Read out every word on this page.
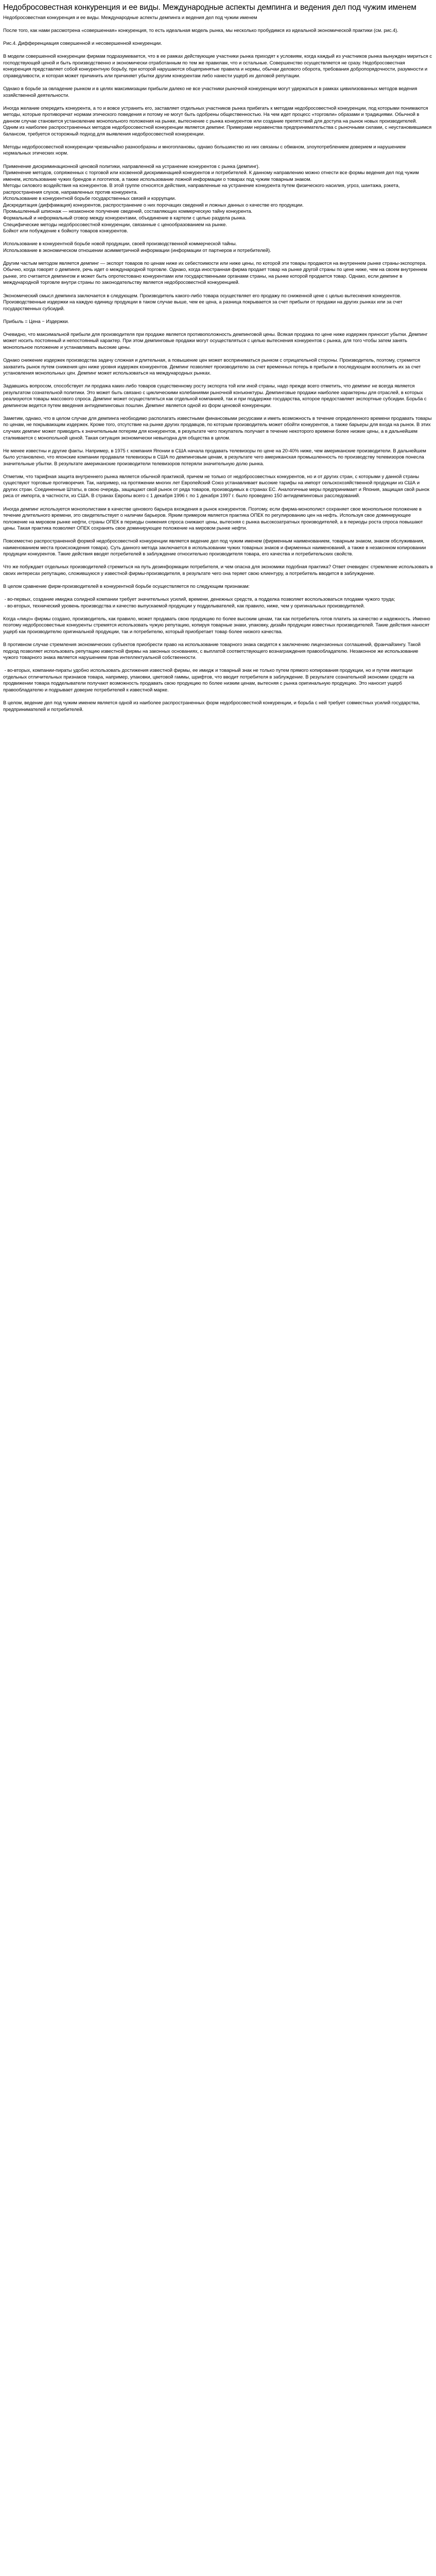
Недобросовестная конкуренция и ее виды. Международные аспекты демпинга и ведения дел под чужим именем
Недобросовестная конкуренция и ее виды. Международные аспекты демпинга и ведения дел под чужим именем

После того, как нами рассмотрена «совершенная» конкуренция, то есть идеальная модель рынка, мы несколько пробудимся из идеальной экономической практики (см. рис.4).

Рис.4. Дифференциация совершенной и несовершенной конкуренции.

В модели совершенной конкуренции фирмам подразумевается, что в ее рамках действующие участники рынка приходят к условиям, когда каждый из участников рынка вынужден мириться с господствующей ценой и быть производственно и экономически отработанным по тем же правилам, что и остальные. Совершенство осуществляется не сразу. Недобросовестная конкуренция представляет собой конкурентную борьбу, при которой нарушаются общепринятые правила и нормы, обычаи делового оборота, требования добропорядочности, разумности и справедливости, и которая может причинить или причиняет убытки другим конкурентам либо нанести ущерб их деловой репутации.

Однако в борьбе за овладение рынком и в целях максимизации прибыли далеко не все участники рыночной конкуренции могут удержаться в рамках цивилизованных методов ведения хозяйственной деятельности.

Иногда желание опередить конкурента, а то и вовсе устранить его, заставляет отдельных участников рынка прибегать к методам недобросовестной конкуренции, под которыми понимаются методы, которые противоречат нормам этического поведения и потому не могут быть одобрены общественностью. На чем идет процесс «торговли» образами и традициями. Обычной в данном случае становится установление монопольного положения на рынке, вытеснение с рынка конкурентов или создание препятствий для доступа на рынок новых производителей. Одним из наиболее распространенных методов недобросовестной конкуренции является демпинг. Примерами неравенства предпринимательства с рыночными силами, с неустановившимся балансом, требуется осторожный подход для выявления недобросовестной конкуренции.

Методы недобросовестной конкуренции чрезвычайно разнообразны и многоплановы, однако большинство из них связаны с обманом, злоупотреблением доверием и нарушением нормальных этических норм.

Применение дискриминационной ценовой политики, направленной на устранение конкурентов с рынка (демпинг).
Применение методов, сопряженных с торговой или косвенной дискриминацией конкурентов и потребителей. К данному направлению можно отнести все формы ведения дел под чужим именем, использование чужих брендов и логотипов, а также использование ложной информации о товарах под чужим товарным знаком.
Методы силового воздействия на конкурентов. В этой группе относятся действия, направленные на устранение конкурента путем физического насилия, угроз, шантажа, рэкета, распространения слухов, направленных против конкурента.
Использование в конкурентной борьбе государственных связей и коррупции.
Дискредитация (диффамация) конкурентов, распространение о них порочащих сведений и ложных данных о качестве его продукции.
Промышленный шпионаж — незаконное получение сведений, составляющих коммерческую тайну конкурента.
Формальный и неформальный сговор между конкурентами, объединение в картели с целью раздела рынка.
Специфические методы недобросовестной конкуренции, связанные с ценообразованием на рынке.
Бойкот или побуждение к бойкоту товаров конкурентов.

Использование в конкурентной борьбе новой продукции, своей производственной коммерческой тайны.
Использование в экономическом отношении асимметричной информации (информации от партнеров и потребителей).

Другим частым методом является демпинг — экспорт товаров по ценам ниже их себестоимости или ниже цены, по которой эти товары продаются на внутреннем рынке страны-экспортера. Обычно, когда говорят о демпинге, речь идет о международной торговле. Однако, когда иностранная фирма продает товар на рынке другой страны по цене ниже, чем на своем внутреннем рынке, это считается демпингом и может быть опротестовано конкурентами или государственными органами страны, на рынке которой продается товар. Однако, если демпинг в международной торговле внутри страны по законодательству является недобросовестной конкуренцией.

Экономический смысл демпинга заключается в следующем. Производитель какого-либо товара осуществляет его продажу по сниженной цене с целью вытеснения конкурентов. Производственные издержки на каждую единицу продукции в таком случае выше, чем ее цена, а разница покрывается за счет прибыли от продажи на других рынках или за счет государственных субсидий.

Прибыль = Цена − Издержки.

Очевидно, что максимальной прибыли для производителя при продаже является противоположность демпинговой цены. Всякая продажа по цене ниже издержек приносит убытки. Демпинг может носить постоянный и непостоянный характер. При этом демпинговые продажи могут осуществляться с целью вытеснения конкурентов с рынка, для того чтобы затем занять монопольное положение и устанавливать высокие цены.

Однако снижение издержек производства задачу сложная и длительная, а повышение цен может восприниматься рынком с отрицательной стороны. Производитель, поэтому, стремится захватить рынок путем снижения цен ниже уровня издержек конкурентов. Демпинг позволяет производителю за счет временных потерь в прибыли в последующем восполнить их за счет установления монопольных цен. Демпинг может использоваться на международных рынках.

Задавшись вопросом, способствует ли продажа каких-либо товаров существенному росту экспорта той или иной страны, надо прежде всего отметить, что демпинг не всегда является результатом сознательной политики. Это может быть связано с циклическими колебаниями рыночной конъюнктуры. Демпинговые продажи наиболее характерны для отраслей, в которых реализуются товары массового спроса. Демпинг может осуществляться как отдельной компанией, так и при поддержке государства, которое предоставляет экспортные субсидии. Борьба с демпингом ведется путем введения антидемпинговых пошлин. Демпинг является одной из форм ценовой конкуренции.

Заметим, однако, что в целом случае для демпинга необходимо располагать известными финансовыми ресурсами и иметь возможность в течение определенного времени продавать товары по ценам, не покрывающим издержек. Кроме того, отсутствие на рынке других продавцов, по которым производитель может обойти конкурентов, а также барьеры для входа на рынок. В этих случаях демпинг может приводить к значительным потерям для конкурентов, в результате чего покупатель получает в течение некоторого времени более низкие цены, а в дальнейшем сталкивается с монопольной ценой. Такая ситуация экономически невыгодна для общества в целом.

Не менее известны и другие факты. Например, в 1975 г. компания Японии в США начала продавать телевизоры по цене на 20-40% ниже, чем американские производители. В дальнейшем было установлено, что японские компании продавали телевизоры в США по демпинговым ценам, в результате чего американская промышленность по производству телевизоров понесла значительные убытки. В результате американские производители телевизоров потеряли значительную долю рынка.

Отметим, что тарифная защита внутреннего рынка является обычной практикой, причем не только от недобросовестных конкурентов, но и от других стран, с которыми у данной страны существуют торговые противоречия. Так, например, на протяжении многих лет Европейский Союз устанавливает высокие тарифы на импорт сельскохозяйственной продукции из США и других стран. Соединенные Штаты, в свою очередь, защищают свой рынок от ряда товаров, производимых в странах ЕС. Аналогичные меры предпринимает и Япония, защищая свой рынок риса от импорта, в частности, из США. В странах Европы всего с 1 декабря 1996 г. по 1 декабря 1997 г. было проведено 150 антидемпинговых расследований.

Иногда демпинг используется монополистами в качестве ценового барьера вхождения в рынок конкурентов. Поэтому, если фирма-монополист сохраняет свое монопольное положение в течение длительного времени, это свидетельствует о наличии барьеров. Ярким примером является практика ОПЕК по регулированию цен на нефть. Используя свое доминирующее положение на мировом рынке нефти, страны ОПЕК в периоды снижения спроса снижают цены, вытесняя с рынка высокозатратных производителей, а в периоды роста спроса повышают цены. Такая практика позволяет ОПЕК сохранять свое доминирующее положение на мировом рынке нефти.

Повсеместно распространенной формой недобросовестной конкуренции является ведение дел под чужим именем (фирменным наименованием, товарным знаком, знаком обслуживания, наименованием места происхождения товара). Суть данного метода заключается в использовании чужих товарных знаков и фирменных наименований, а также в незаконном копировании продукции конкурентов. Такие действия вводят потребителей в заблуждение относительно производителя товара, его качества и потребительских свойств.

Что же побуждает отдельных производителей стремиться на путь дезинформации потребителя, и чем опасна для экономики подобная практика? Ответ очевиден: стремление использовать в своих интересах репутацию, сложившуюся у известной фирмы-производителя, в результате чего она теряет свою клиентуру, а потребитель вводится в заблуждение.

В целом сравнение фирм-производителей в конкурентной борьбе осуществляется по следующим признакам:

- во-первых, создание имиджа солидной компании требует значительных усилий, времени, денежных средств, а подделка позволяет воспользоваться плодами чужого труда;
- во-вторых, технический уровень производства и качество выпускаемой продукции у подделывателей, как правило, ниже, чем у оригинальных производителей.

Когда «лицо» фирмы создано, производитель, как правило, может продавать свою продукцию по более высоким ценам, так как потребитель готов платить за качество и надежность. Именно поэтому недобросовестные конкуренты стремятся использовать чужую репутацию, копируя товарные знаки, упаковку, дизайн продукции известных производителей. Такие действия наносят ущерб как производителю оригинальной продукции, так и потребителю, который приобретает товар более низкого качества.

В противном случае стремления экономических субъектов приобрести право на использование товарного знака сводятся к заключению лицензионных соглашений, франчайзингу. Такой подход позволяет использовать репутацию известной фирмы на законных основаниях, с выплатой соответствующего вознаграждения правообладателю. Незаконное же использование чужого товарного знака является нарушением прав интеллектуальной собственности.

- во-вторых, компании-пираты удобно использовать достижения известной фирмы, ее имидж и товарный знак не только путем прямого копирования продукции, но и путем имитации отдельных отличительных признаков товара, например, упаковки, цветовой гаммы, шрифтов, что вводит потребителя в заблуждение. В результате сознательной экономии средств на продвижении товара подделыватели получают возможность продавать свою продукцию по более низким ценам, вытесняя с рынка оригинальную продукцию. Это наносит ущерб правообладателю и подрывает доверие потребителей к известной марке.

В целом, ведение дел под чужим именем является одной из наиболее распространенных форм недобросовестной конкуренции, и борьба с ней требует совместных усилий государства, предпринимателей и потребителей.
